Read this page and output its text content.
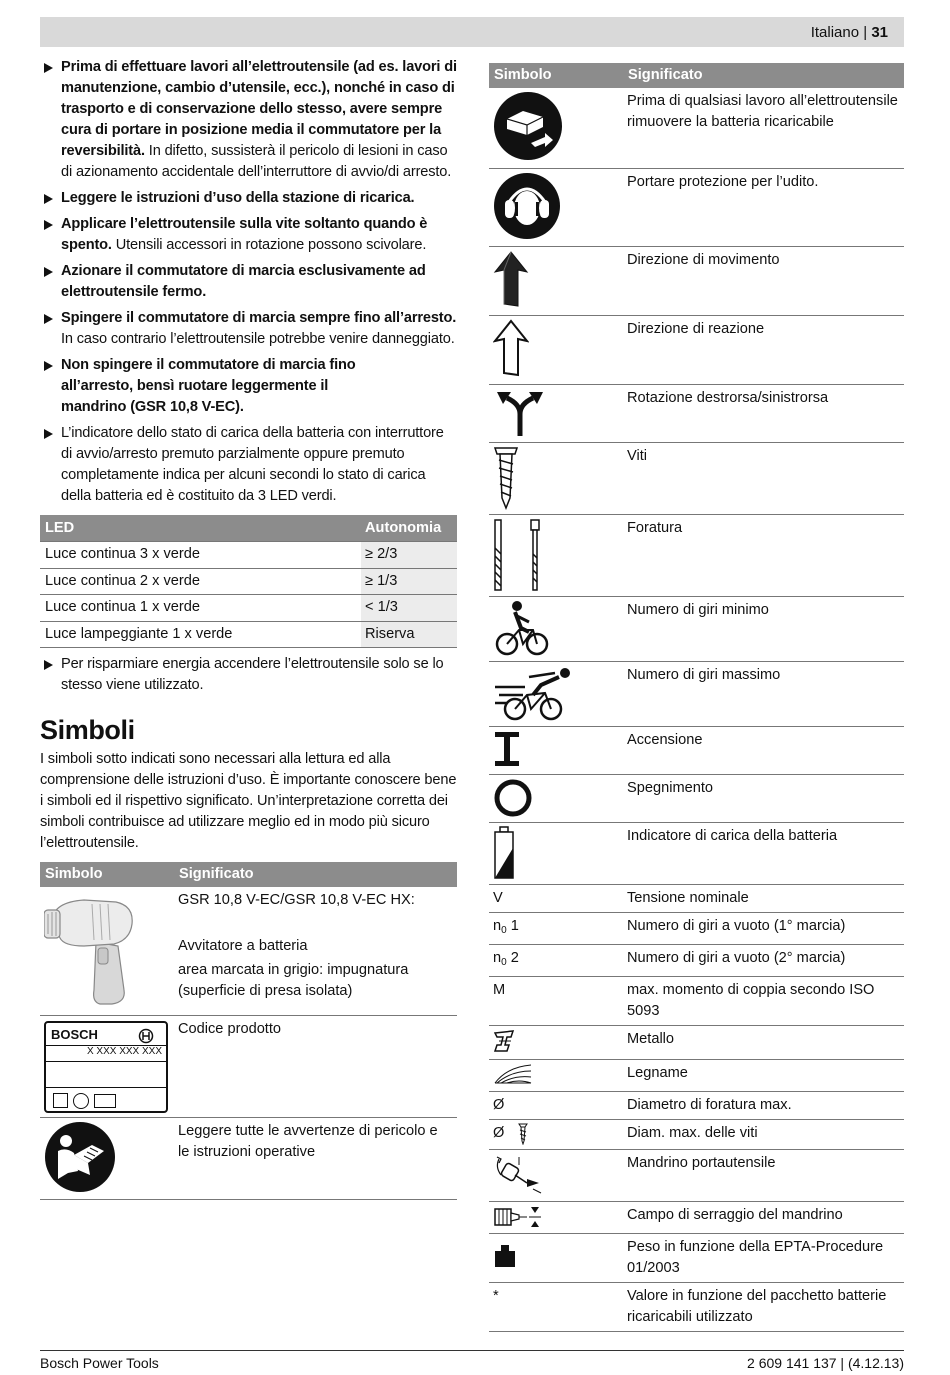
Italiano | 31
Prima di effettuare lavori all’elettroutensile (ad es. lavori di manutenzione, cambio d’utensile, ecc.), nonché in caso di trasporto e di conservazione dello stesso, avere sempre cura di portare in posizione media il commutatore per la reversibilità. In difetto, sussisterà il pericolo di lesioni in caso di azionamento accidentale dell’interruttore di avvio/di arresto.
Leggere le istruzioni d’uso della stazione di ricarica.
Applicare l’elettroutensile sulla vite soltanto quando è spento. Utensili accessori in rotazione possono scivolare.
Azionare il commutatore di marcia esclusivamente ad elettroutensile fermo.
Spingere il commutatore di marcia sempre fino all’arresto. In caso contrario l’elettroutensile potrebbe venire danneggiato.
Non spingere il commutatore di marcia fino all’arresto, bensì ruotare leggermente il mandrino (GSR 10,8 V-EC).
L’indicatore dello stato di carica della batteria con interruttore di avvio/arresto premuto parzialmente oppure premuto completamente indica per alcuni secondi lo stato di carica della batteria ed è costituito da 3 LED verdi.
LED	Autonomia
Luce continua 3 x verde	≥ 2/3
Luce continua 2 x verde	≥ 1/3
Luce continua 1 x verde	< 1/3
Luce lampeggiante 1 x verde	Riserva
Per risparmiare energia accendere l’elettroutensile solo se lo stesso viene utilizzato.
Simboli
I simboli sotto indicati sono necessari alla lettura ed alla comprensione delle istruzioni d’uso. È importante conoscere bene i simboli ed il rispettivo significato. Un’interpretazione corretta dei simboli contribuisce ad utilizzare meglio ed in modo più sicuro l’elettroutensile.
Simbolo	Significato

GSR 10,8 V-EC/GSR 10,8 V-EC HX:
Avvitatore a batteria
area marcata in grigio: impugnatura (superficie di presa isolata)

BOSCH
X XXX XXX XXX	Codice prodotto

	Leggere tutte le avvertenze di pericolo e le istruzioni operative
Simbolo	Significato

	Prima di qualsiasi lavoro all’elettroutensile rimuovere la batteria ricaricabile

	Portare protezione per l’udito.

	Direzione di movimento

	Direzione di reazione

	Rotazione destrorsa/sinistrorsa

	Viti

	Foratura

	Numero di giri minimo

	Numero di giri massimo

	Accensione

	Spegnimento

	Indicatore di carica della batteria
V	Tensione nominale
$n_0$ 1	Numero di giri a vuoto (1° marcia)
$n_0$ 2	Numero di giri a vuoto (2° marcia)
M	max. momento di coppia secondo ISO 5093

	Metallo

	Legname
Ø	Diametro di foratura max.

Ø	Diam. max. delle viti

	Mandrino portautensile

	Campo di serraggio del mandrino

	Peso in funzione della EPTA-Procedure 01/2003
*	Valore in funzione del pacchetto batterie ricaricabili utilizzato
Bosch Power Tools	2 609 141 137 | (4.12.13)
